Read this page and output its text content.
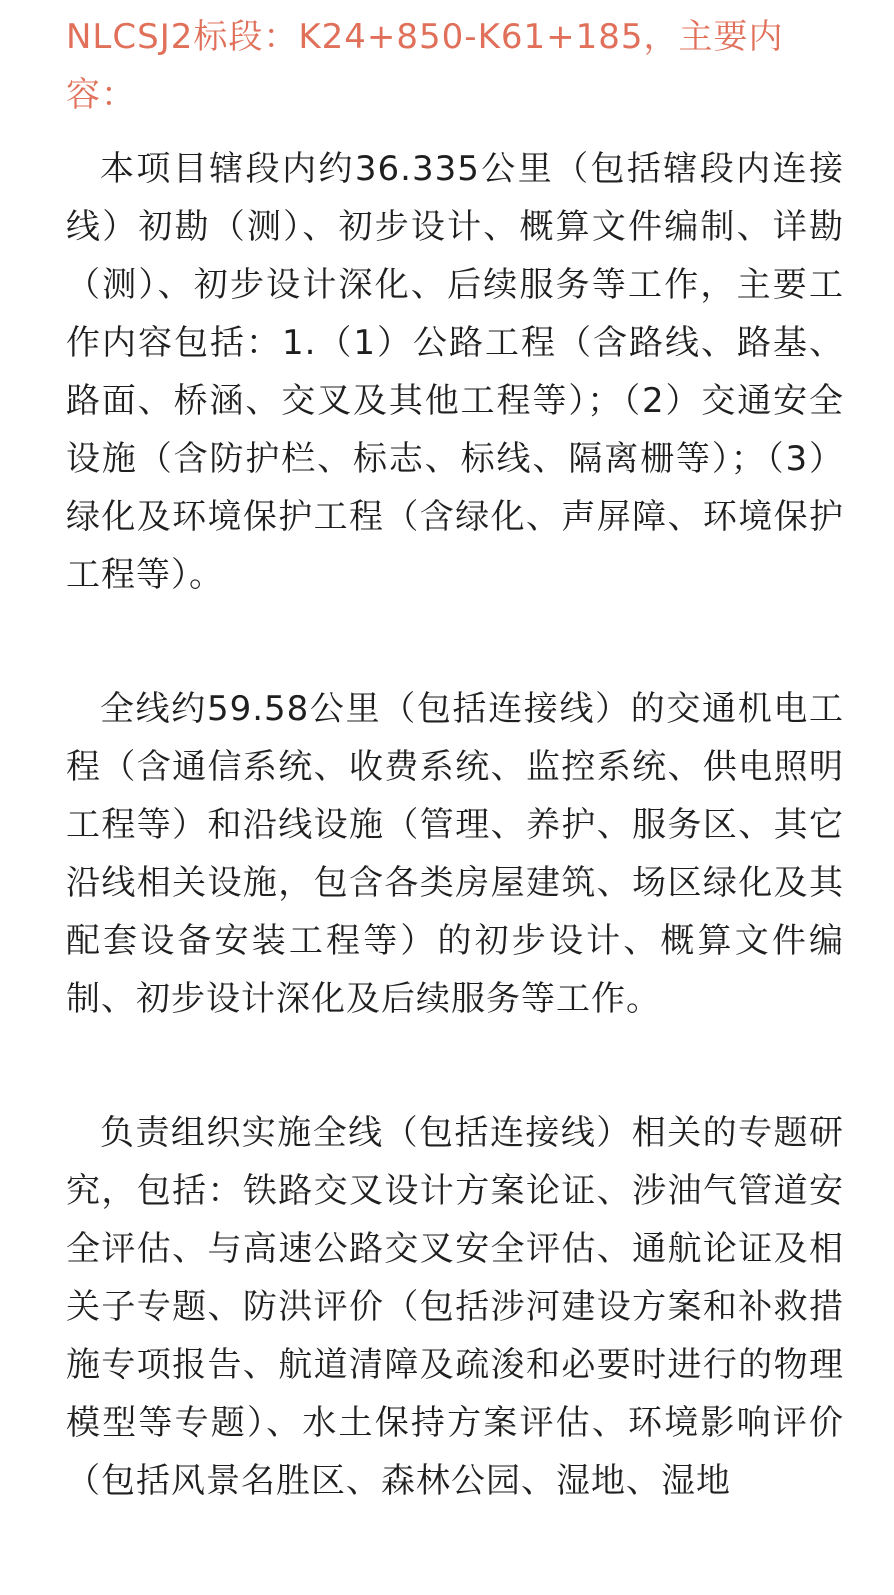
NLCSJ2标段：K24+850-K61+185，主要内容：

本项目辖段内约36.335公里（包括辖段内连接线）初勘（测）、初步设计、概算文件编制、详勘（测）、初步设计深化、后续服务等工作，主要工作内容包括：1.（1）公路工程（含路线、路基、路面、桥涵、交叉及其他工程等）；（2）交通安全设施（含防护栏、标志、标线、隔离栅等）；（3）绿化及环境保护工程（含绿化、声屏障、环境保护工程等）。

全线约59.58公里（包括连接线）的交通机电工程（含通信系统、收费系统、监控系统、供电照明工程等）和沿线设施（管理、养护、服务区、其它沿线相关设施，包含各类房屋建筑、场区绿化及其配套设备安装工程等）的初步设计、概算文件编制、初步设计深化及后续服务等工作。

负责组织实施全线（包括连接线）相关的专题研究，包括：铁路交叉设计方案论证、涉油气管道安全评估、与高速公路交叉安全评估、通航论证及相关子专题、防洪评价（包括涉河建设方案和补救措施专项报告、航道清障及疏浚和必要时进行的物理模型等专题）、水土保持方案评估、环境影响评价（包括风景名胜区、森林公园、湿地、湿地
